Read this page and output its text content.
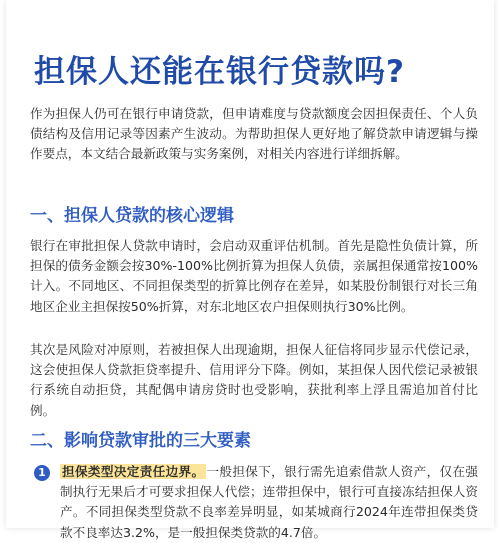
担保人还能在银行贷款吗?

作为担保人仍可在银行申请贷款，但申请难度与贷款额度会因担保责任、个人负债结构及信用记录等因素产生波动。为帮助担保人更好地了解贷款申请逻辑与操作要点，本文结合最新政策与实务案例，对相关内容进行详细拆解。

一、担保人贷款的核心逻辑

银行在审批担保人贷款申请时，会启动双重评估机制。首先是隐性负债计算，所担保的债务金额会按30%-100%比例折算为担保人负债，亲属担保通常按100%计入。不同地区、不同担保类型的折算比例存在差异，如某股份制银行对长三角地区企业主担保按50%折算，对东北地区农户担保则执行30%比例。

其次是风险对冲原则，若被担保人出现逾期，担保人征信将同步显示代偿记录，这会使担保人贷款拒贷率提升、信用评分下降。例如，某担保人因代偿记录被银行系统自动拒贷，其配偶申请房贷时也受影响，获批利率上浮且需追加首付比例。

二、影响贷款审批的三大要素
1	担保类型决定责任边界。 一般担保下，银行需先追索借款人资产，仅在强制执行无果后才可要求担保人代偿；连带担保中，银行可直接冻结担保人资产。不同担保类型贷款不良率差异明显，如某城商行2024年连带担保类贷款不良率达3.2%，是一般担保类贷款的4.7倍。
